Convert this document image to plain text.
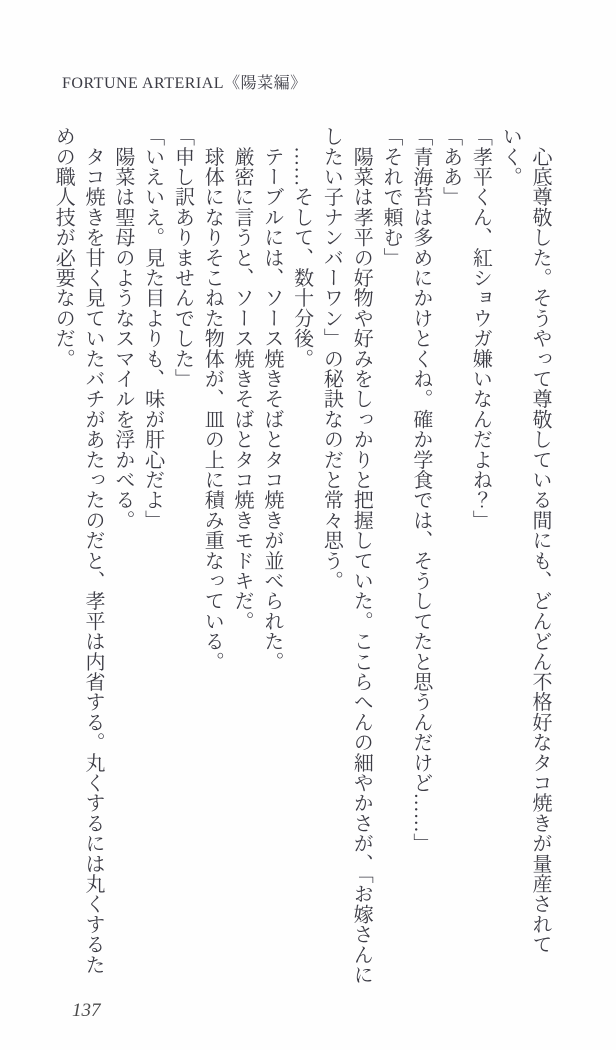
FORTUNE ARTERIAL《陽菜編》
　心底尊敬した。そうやって尊敬している間にも、どんどん不格好なタコ焼きが量産されて
いく。
「孝平くん、紅ショウガ嫌いなんだよね？」
「ああ」
「青海苔は多めにかけとくね。確か学食では、そうしてたと思うんだけど……」
「それで頼む」
　陽菜は孝平の好物や好みをしっかりと把握していた。ここらへんの細やかさが、「お嫁さんに
したい子ナンバーワン」の秘訣なのだと常々思う。
　……そして、数十分後。
　テーブルには、ソース焼きそばとタコ焼きが並べられた。
　厳密に言うと、ソース焼きそばとタコ焼きモドキだ。
　球体になりそこねた物体が、皿の上に積み重なっている。
「申し訳ありませんでした」
「いえいえ。見た目よりも、味が肝心だよ」
　陽菜は聖母のようなスマイルを浮かべる。
　タコ焼きを甘く見ていたバチがあたったのだと、孝平は内省する。丸くするには丸くするた
めの職人技が必要なのだ。
137
